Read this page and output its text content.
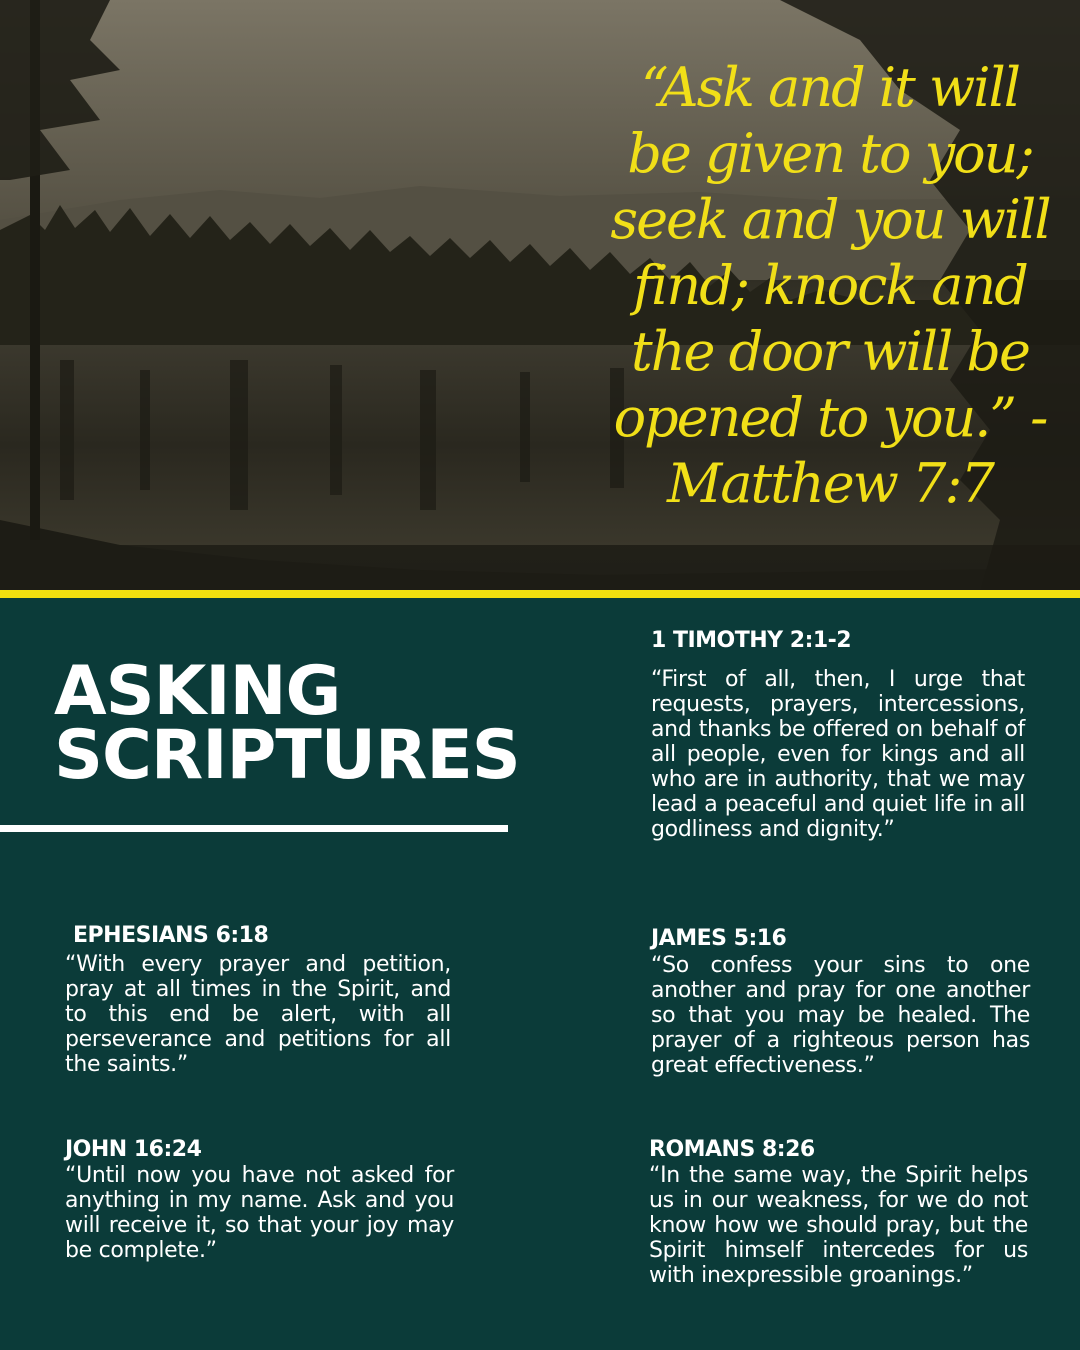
“Ask and it will be given to you; seek and you will find; knock and the door will be opened to you.” - Matthew 7:7
ASKING
SCRIPTURES
1 TIMOTHY 2:1-2
“First of all, then, I urge that requests, prayers, intercessions, and thanks be offered on behalf of all people, even for kings and all who are in authority, that we may lead a peaceful and quiet life in all godliness and dignity.”
EPHESIANS 6:18
“With every prayer and petition, pray at all times in the Spirit, and to this end be alert, with all perseverance and petitions for all the saints.”
JAMES 5:16
“So confess your sins to one another and pray for one another so that you may be healed. The prayer of a righteous person has great effectiveness.”
JOHN 16:24
“Until now you have not asked for anything in my name. Ask and you will receive it, so that your joy may be complete.”
ROMANS 8:26
“In the same way, the Spirit helps us in our weakness, for we do not know how we should pray, but the Spirit himself intercedes for us with inexpressible groanings.”
